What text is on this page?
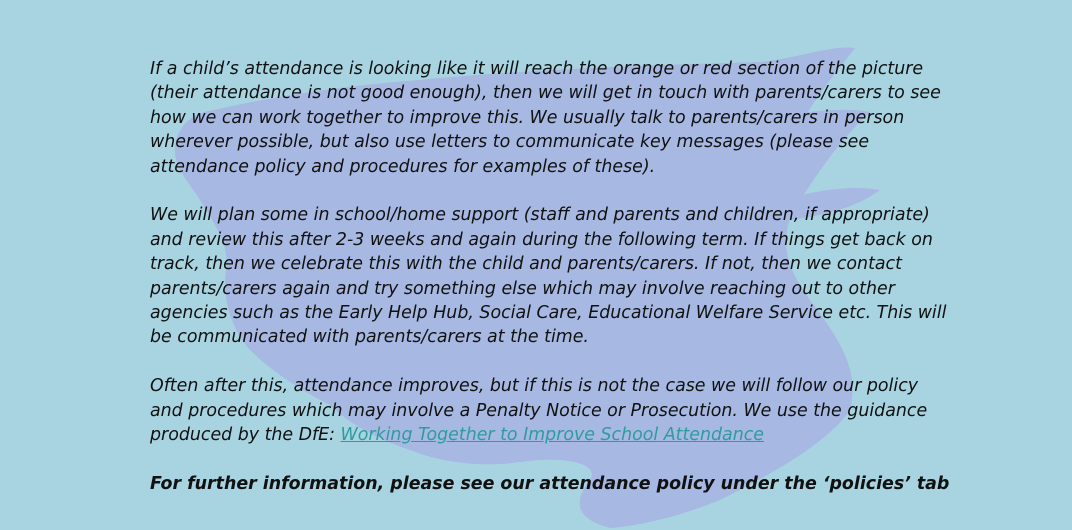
If a child’s attendance is looking like it will reach the orange or red section of the picture
(their attendance is not good enough), then we will get in touch with parents/carers to see
how we can work together to improve this. We usually talk to parents/carers in person
wherever possible, but also use letters to communicate key messages (please see
attendance policy and procedures for examples of these).

We will plan some in school/home support (staff and parents and children, if appropriate)
and review this after 2-3 weeks and again during the following term. If things get back on
track, then we celebrate this with the child and parents/carers. If not, then we contact
parents/carers again and try something else which may involve reaching out to other
agencies such as the Early Help Hub, Social Care, Educational Welfare Service etc. This will
be communicated with parents/carers at the time.

Often after this, attendance improves, but if this is not the case we will follow our policy
and procedures which may involve a Penalty Notice or Prosecution. We use the guidance
produced by the DfE: Working Together to Improve School Attendance

For further information, please see our attendance policy under the ‘policies’ tab
